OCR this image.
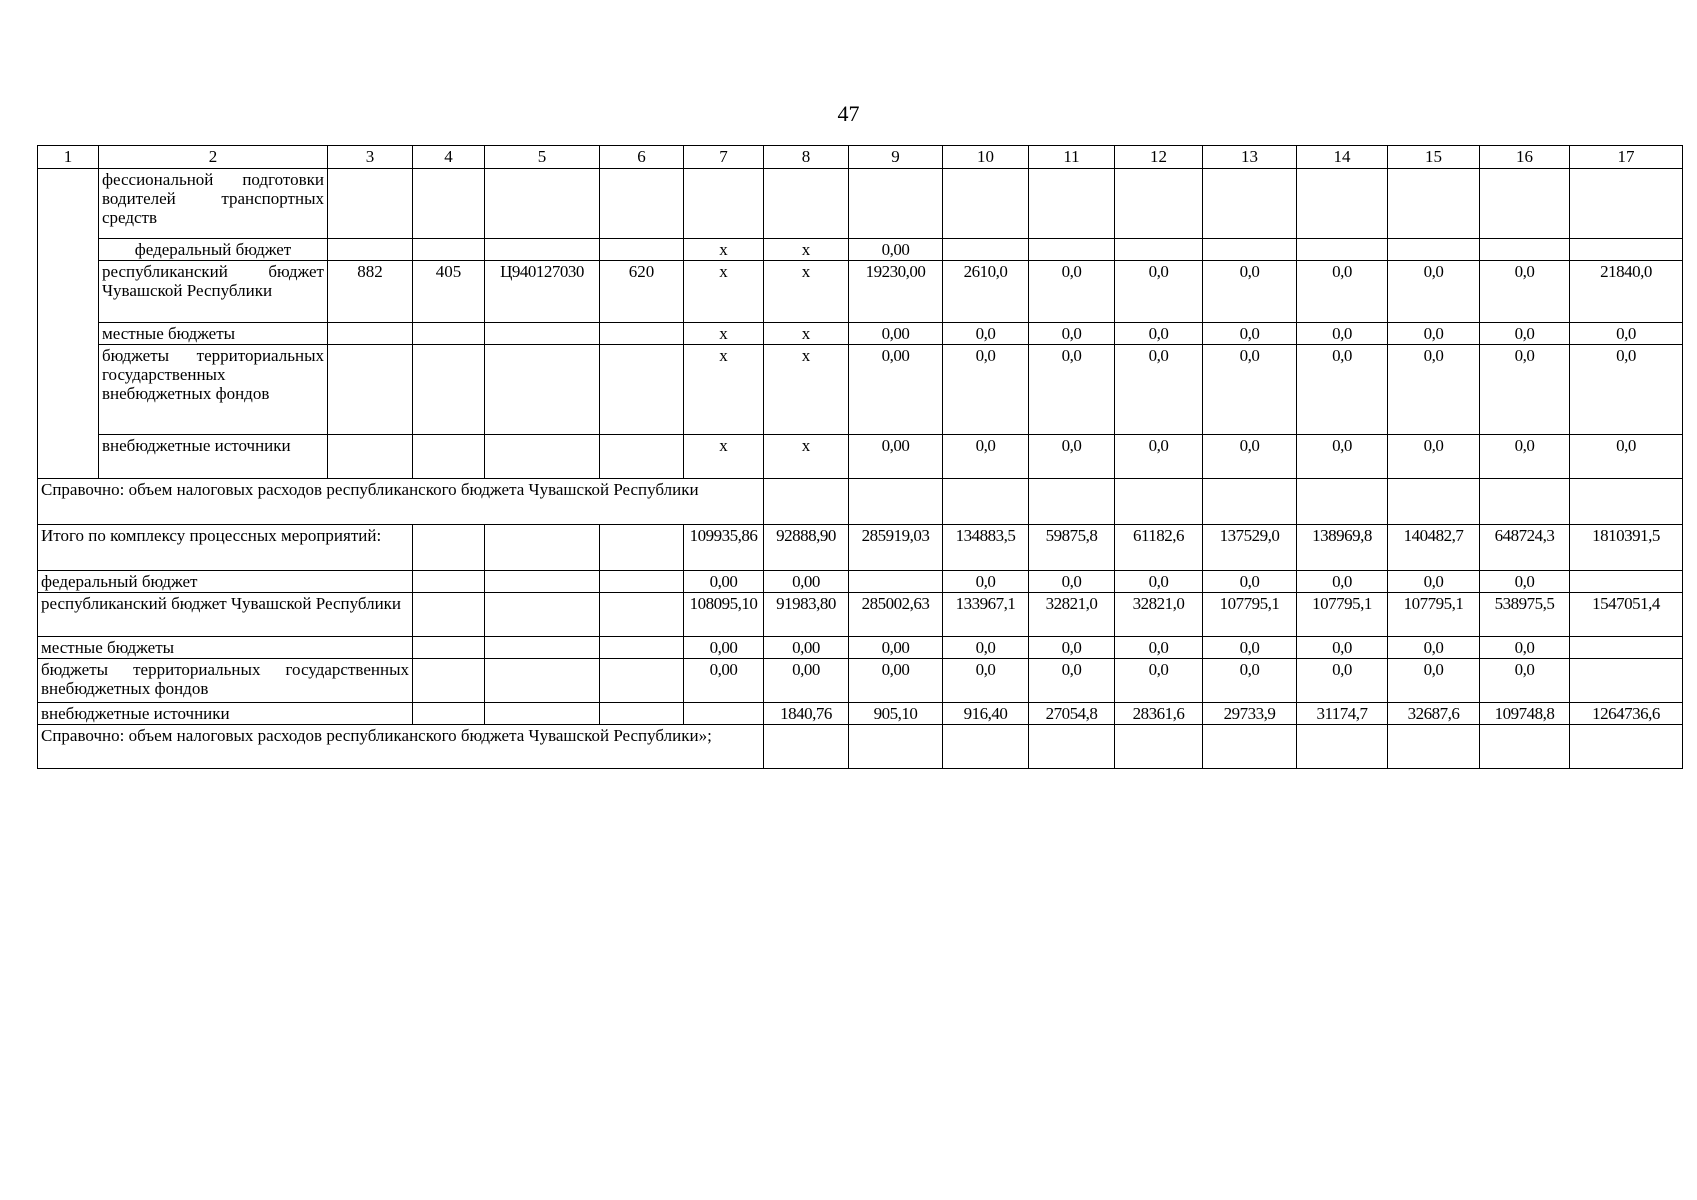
47
1	2	3	4	5	6	7	8	9	10	11	12	13	14	15	16	17
	фессиональной подготовки водителей транспортных средств															
	федеральный бюджет					х	х	0,00								
	республиканский бюджет Чувашской Республики	882	405	Ц940127030	620	х	х	19230,00	2610,0	0,0	0,0	0,0	0,0	0,0	0,0	21840,0
	местные бюджеты					х	х	0,00	0,0	0,0	0,0	0,0	0,0	0,0	0,0	0,0
	бюджеты территориальных государственных внебюджетных фондов					х	х	0,00	0,0	0,0	0,0	0,0	0,0	0,0	0,0	0,0
	внебюджетные источники					х	х	0,00	0,0	0,0	0,0	0,0	0,0	0,0	0,0	0,0
Справочно: объем налоговых расходов республиканского бюджета Чувашской Республики																
Итого по комплексу процессных мероприятий:						109935,86	92888,90	285919,03	134883,5	59875,8	61182,6	137529,0	138969,8	140482,7	648724,3	1810391,5
федеральный бюджет						0,00	0,00		0,0	0,0	0,0	0,0	0,0	0,0	0,0	
республиканский бюджет Чувашской Республики						108095,10	91983,80	285002,63	133967,1	32821,0	32821,0	107795,1	107795,1	107795,1	538975,5	1547051,4
местные бюджеты						0,00	0,00	0,00	0,0	0,0	0,0	0,0	0,0	0,0	0,0	
бюджеты территориальных государственных внебюджетных фондов						0,00	0,00	0,00	0,0	0,0	0,0	0,0	0,0	0,0	0,0	
внебюджетные источники							1840,76	905,10	916,40	27054,8	28361,6	29733,9	31174,7	32687,6	109748,8	1264736,6
Справочно: объем налоговых расходов республиканского бюджета Чувашской Республики»;																
